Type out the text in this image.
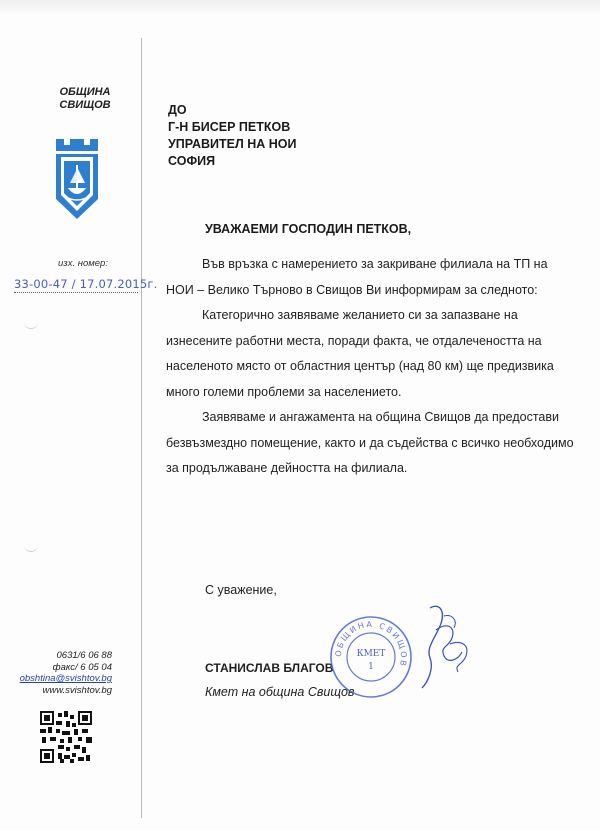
ОБЩИНА
СВИЩОВ
изх. номер:
33-00-47 / 17.07.2015г.
0631/6 06 88
факс/ 6 05 04
obshtina@svishtov.bg
www.svishtov.bg
ДО
Г-Н БИСЕР ПЕТКОВ
УПРАВИТЕЛ НА НОИ
СОФИЯ
УВАЖАЕМИ ГОСПОДИН ПЕТКОВ,

Във връзка с намерението за закриване филиала на ТП на НОИ – Велико Търново в Свищов Ви информирам за следното:

Категорично заявяваме желанието си за запазване на изнесените работни места, поради факта, че отдалечеността на населеното място от областния център (над 80 км) ще предизвика много големи проблеми за населението.

Заявяваме и ангажамента на община Свищов да предостави безвъзмездно помещение, както и да съдейства с всичко необходимо за продължаване дейността на филиала.

С уважение,
СТАНИСЛАВ БЛАГОВ
Кмет на община Свищов
ОБЩИНА СВИЩОВ
КМЕТ
1
